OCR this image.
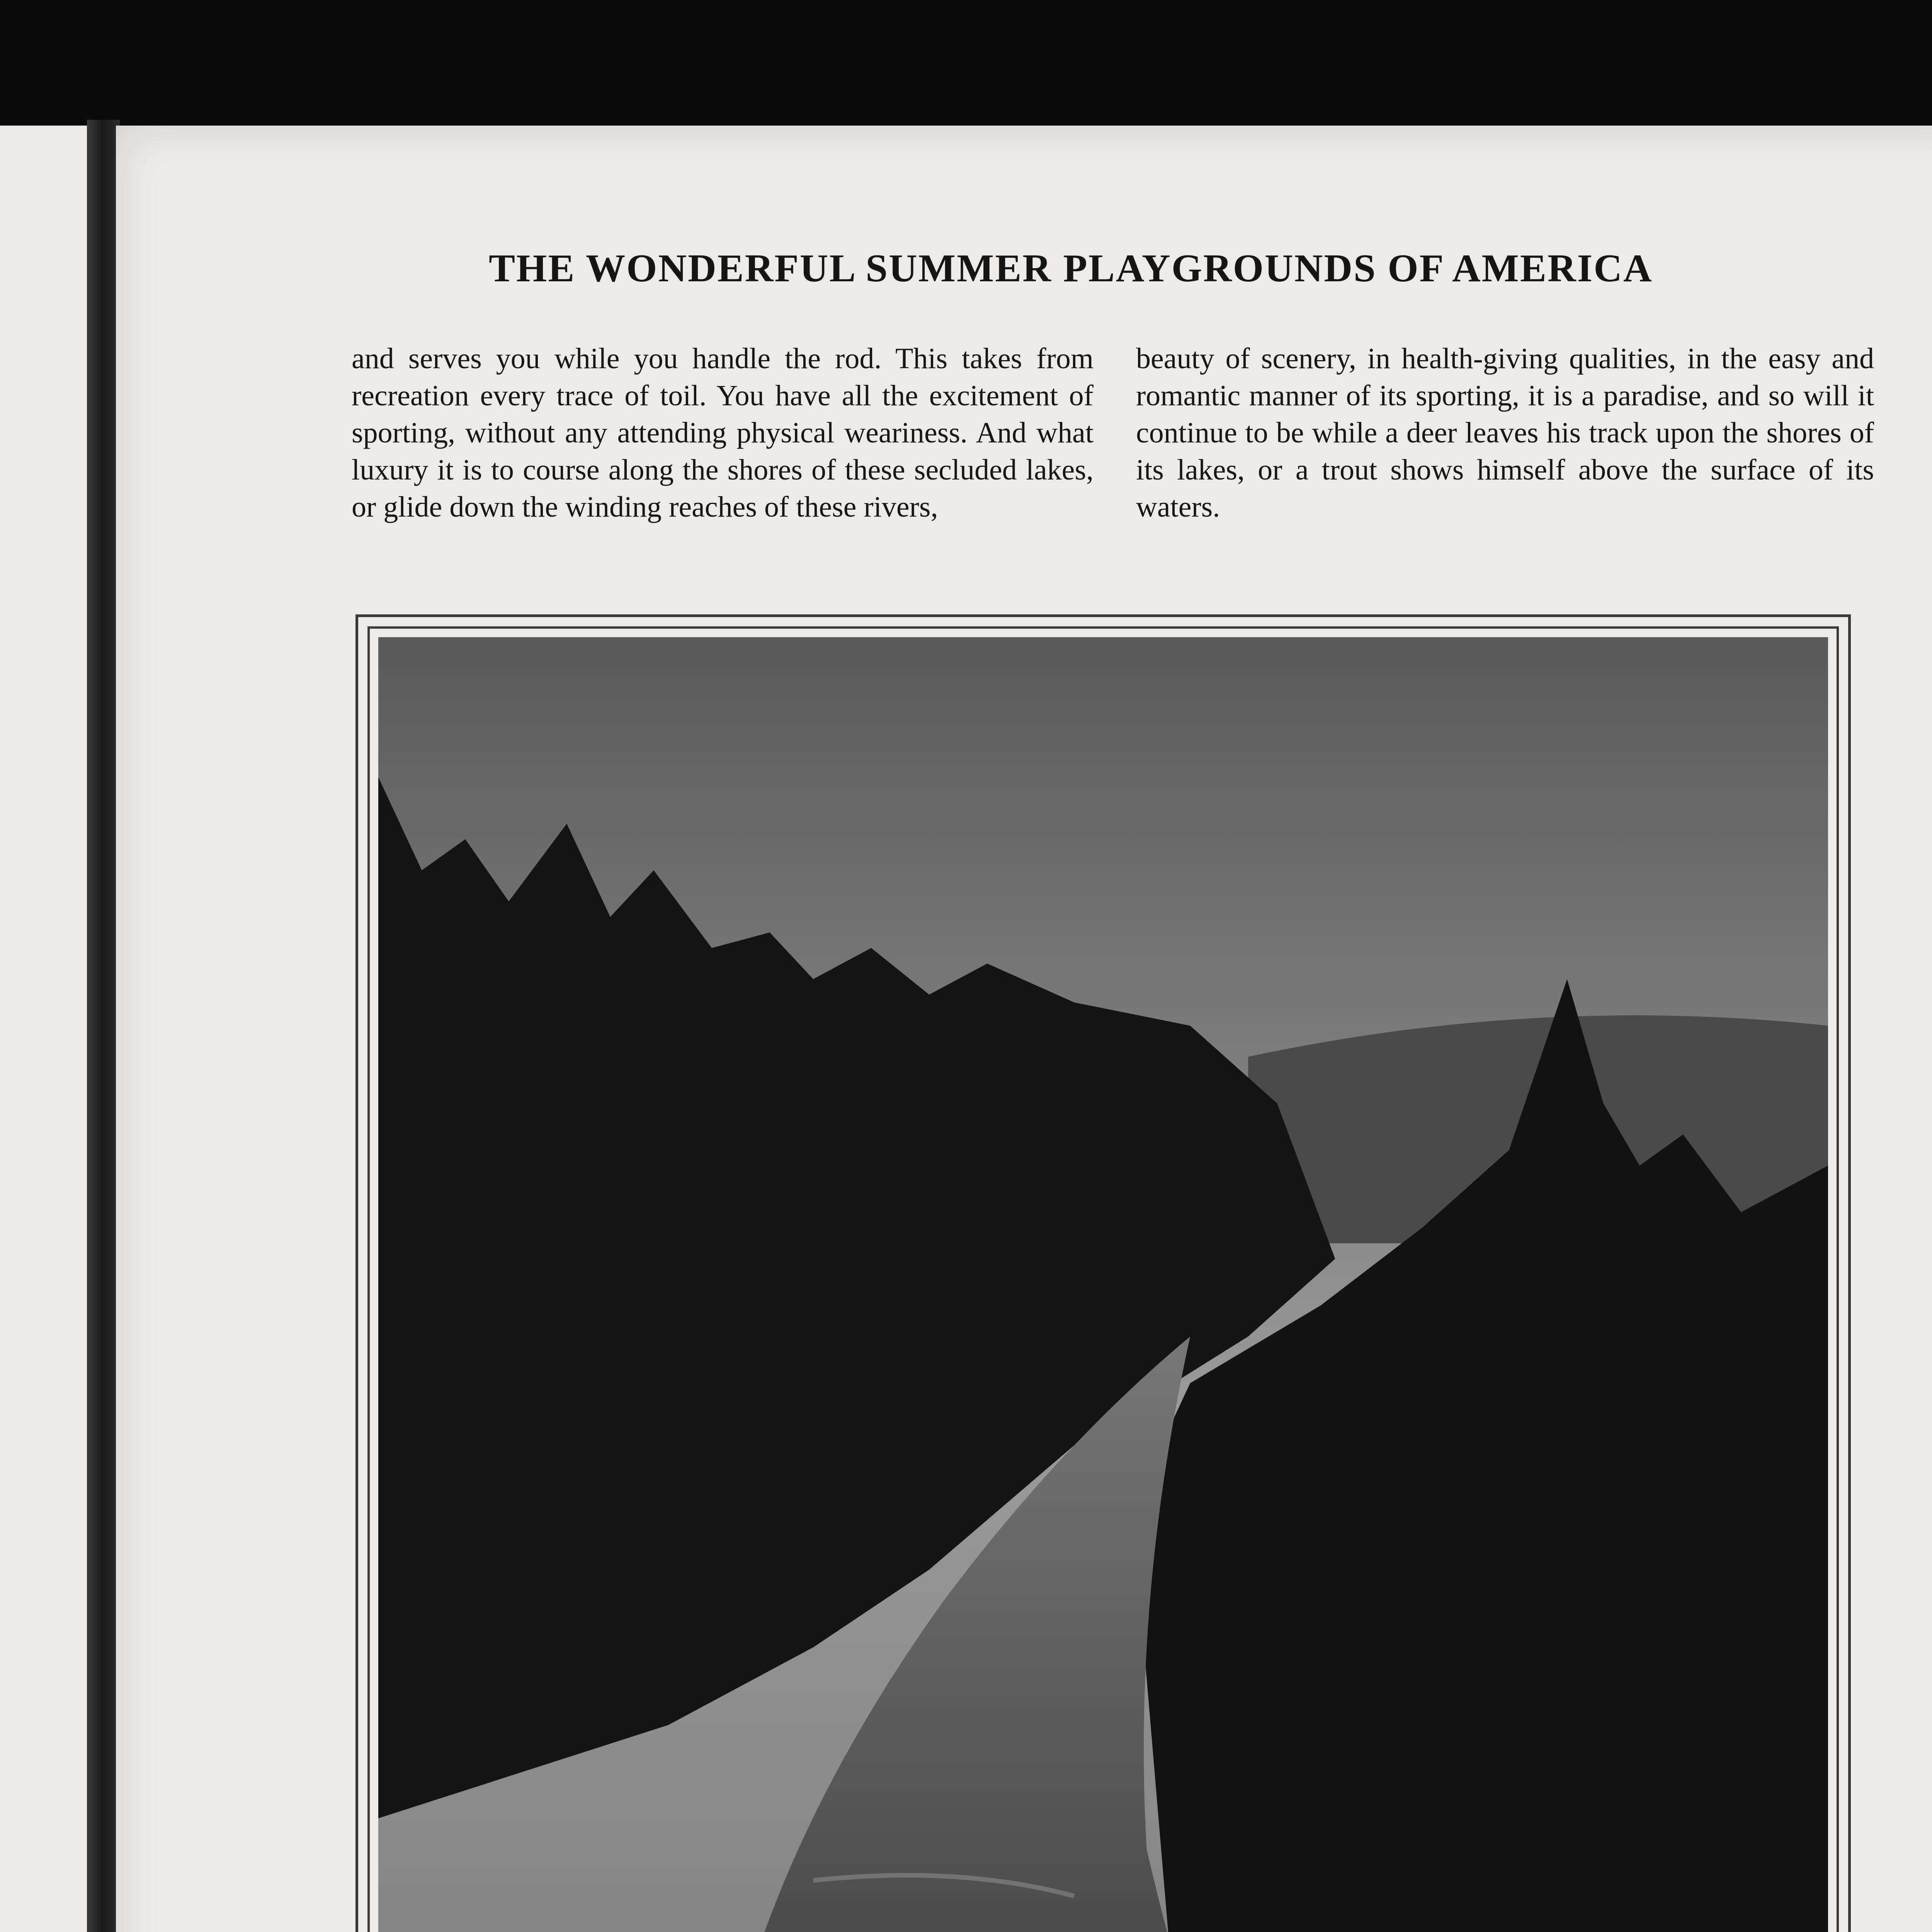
THE WONDERFUL SUMMER PLAYGROUNDS OF AMERICA

and serves you while you handle the rod. This takes from recreation every trace of toil. You have all the excitement of sporting, without any attending physical weariness. And what luxury it is to course along the shores of these secluded lakes, or glide down the winding reaches of these rivers,

beauty of scenery, in health-giving qualities, in the easy and romantic manner of its sporting, it is a paradise, and so will it continue to be while a deer leaves his track upon the shores of its lakes, or a trout shows himself above the surface of its waters.
